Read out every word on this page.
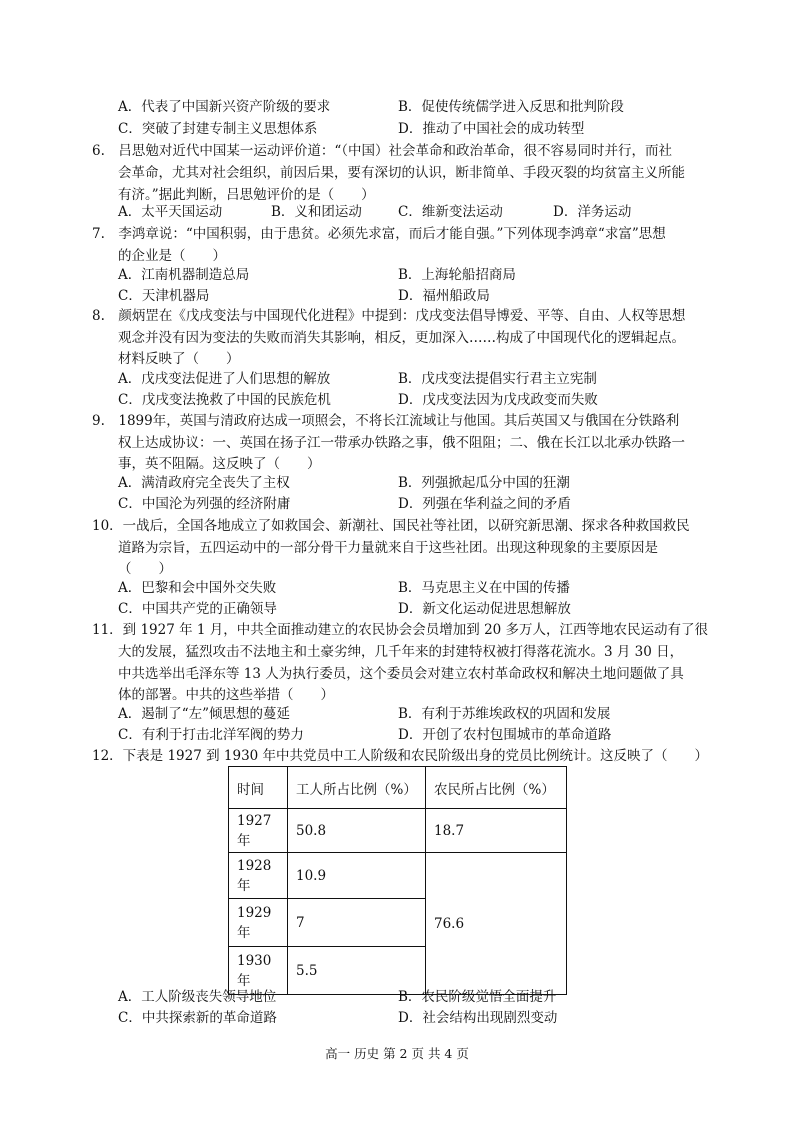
A．代表了中国新兴资产阶级的要求	B．促使传统儒学进入反思和批判阶段
C．突破了封建专制主义思想体系	D．推动了中国社会的成功转型
6.　吕思勉对近代中国某一运动评价道：“（中国）社会革命和政治革命，很不容易同时并行，而社
会革命，尤其对社会组织，前因后果，要有深切的认识，断非简单、手段灭裂的均贫富主义所能
有济。”据此判断，吕思勉评价的是（　　）
A．太平天国运动	B．义和团运动	C．维新变法运动	D．洋务运动
7.　李鸿章说：“中国积弱，由于患贫。必须先求富，而后才能自强。”下列体现李鸿章“求富”思想
的企业是（　　）
A．江南机器制造总局	B．上海轮船招商局
C．天津机器局	D．福州船政局
8.　颜炳罡在《戊戌变法与中国现代化进程》中提到：戊戌变法倡导博爱、平等、自由、人权等思想
观念并没有因为变法的失败而消失其影响，相反，更加深入……构成了中国现代化的逻辑起点。
材料反映了（　　）
A．戊戌变法促进了人们思想的解放	B．戊戌变法提倡实行君主立宪制
C．戊戌变法挽救了中国的民族危机	D．戊戌变法因为戊戌政变而失败
9.　1899年，英国与清政府达成一项照会，不将长江流域让与他国。其后英国又与俄国在分铁路利
权上达成协议：一、英国在扬子江一带承办铁路之事，俄不阻阻；二、俄在长江以北承办铁路一
事，英不阻隔。这反映了（　　）
A．满清政府完全丧失了主权	B．列强掀起瓜分中国的狂潮
C．中国沦为列强的经济附庸	D．列强在华利益之间的矛盾
10．一战后，全国各地成立了如救国会、新潮社、国民社等社团，以研究新思潮、探求各种救国救民
道路为宗旨，五四运动中的一部分骨干力量就来自于这些社团。出现这种现象的主要原因是
（　　）
A．巴黎和会中国外交失败	B．马克思主义在中国的传播
C．中国共产党的正确领导	D．新文化运动促进思想解放
11．到 1927 年 1 月，中共全面推动建立的农民协会会员增加到 20 多万人，江西等地农民运动有了很
大的发展，猛烈攻击不法地主和土豪劣绅，几千年来的封建特权被打得落花流水。3 月 30 日，
中共选举出毛泽东等 13 人为执行委员，这个委员会对建立农村革命政权和解决土地问题做了具
体的部署。中共的这些举措（　　）
A．遏制了“左”倾思想的蔓延	B．有利于苏维埃政权的巩固和发展
C．有利于打击北洋军阀的势力	D．开创了农村包围城市的革命道路
12．下表是 1927 到 1930 年中共党员中工人阶级和农民阶级出身的党员比例统计。这反映了（　　）
时间	工人所占比例（%）	农民所占比例（%）
1927 年	50.8	18.7
1928 年	10.9	76.6
1929 年	7	
1930 年	5.5	
A．工人阶级丧失领导地位	B．农民阶级觉悟全面提升
C．中共探索新的革命道路	D．社会结构出现剧烈变动
高一 历史 第 2 页 共 4 页
